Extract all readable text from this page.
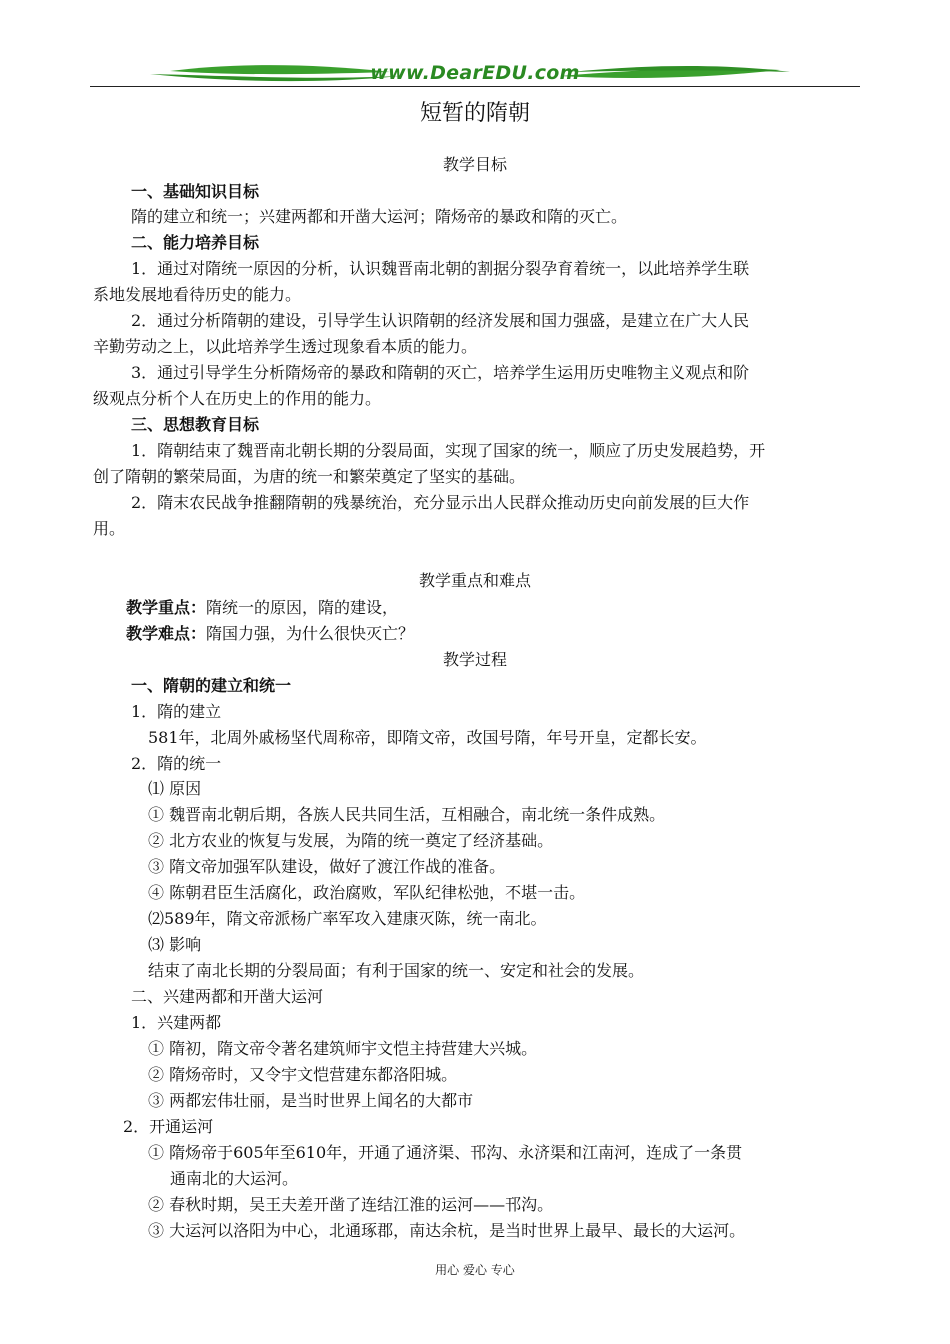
www.DearEDU.com
短暂的隋朝
教学目标
一、基础知识目标
隋的建立和统一；兴建两都和开凿大运河；隋炀帝的暴政和隋的灭亡。
二、能力培养目标
1．通过对隋统一原因的分析，认识魏晋南北朝的割据分裂孕育着统一，以此培养学生联
系地发展地看待历史的能力。
2．通过分析隋朝的建设，引导学生认识隋朝的经济发展和国力强盛，是建立在广大人民
辛勤劳动之上，以此培养学生透过现象看本质的能力。
3．通过引导学生分析隋炀帝的暴政和隋朝的灭亡，培养学生运用历史唯物主义观点和阶
级观点分析个人在历史上的作用的能力。
三、思想教育目标
1．隋朝结束了魏晋南北朝长期的分裂局面，实现了国家的统一，顺应了历史发展趋势，开
创了隋朝的繁荣局面，为唐的统一和繁荣奠定了坚实的基础。
2．隋末农民战争推翻隋朝的残暴统治，充分显示出人民群众推动历史向前发展的巨大作
用。
教学重点和难点
教学重点：隋统一的原因，隋的建设，
教学难点：隋国力强，为什么很快灭亡？
教学过程
一、隋朝的建立和统一
1．隋的建立
581年，北周外戚杨坚代周称帝，即隋文帝，改国号隋，年号开皇，定都长安。
2．隋的统一
⑴ 原因
① 魏晋南北朝后期，各族人民共同生活，互相融合，南北统一条件成熟。
② 北方农业的恢复与发展，为隋的统一奠定了经济基础。
③ 隋文帝加强军队建设，做好了渡江作战的准备。
④ 陈朝君臣生活腐化，政治腐败，军队纪律松弛，不堪一击。
⑵589年，隋文帝派杨广率军攻入建康灭陈，统一南北。
⑶ 影响
结束了南北长期的分裂局面；有利于国家的统一、安定和社会的发展。
二、兴建两都和开凿大运河
1．兴建两都
① 隋初，隋文帝令著名建筑师宇文恺主持营建大兴城。
② 隋炀帝时，又令宇文恺营建东都洛阳城。
③ 两都宏伟壮丽，是当时世界上闻名的大都市
2．开通运河
① 隋炀帝于605年至610年，开通了通济渠、邗沟、永济渠和江南河，连成了一条贯
通南北的大运河。
② 春秋时期，吴王夫差开凿了连结江淮的运河——邗沟。
③ 大运河以洛阳为中心，北通琢郡，南达余杭，是当时世界上最早、最长的大运河。
用心 爱心 专心
